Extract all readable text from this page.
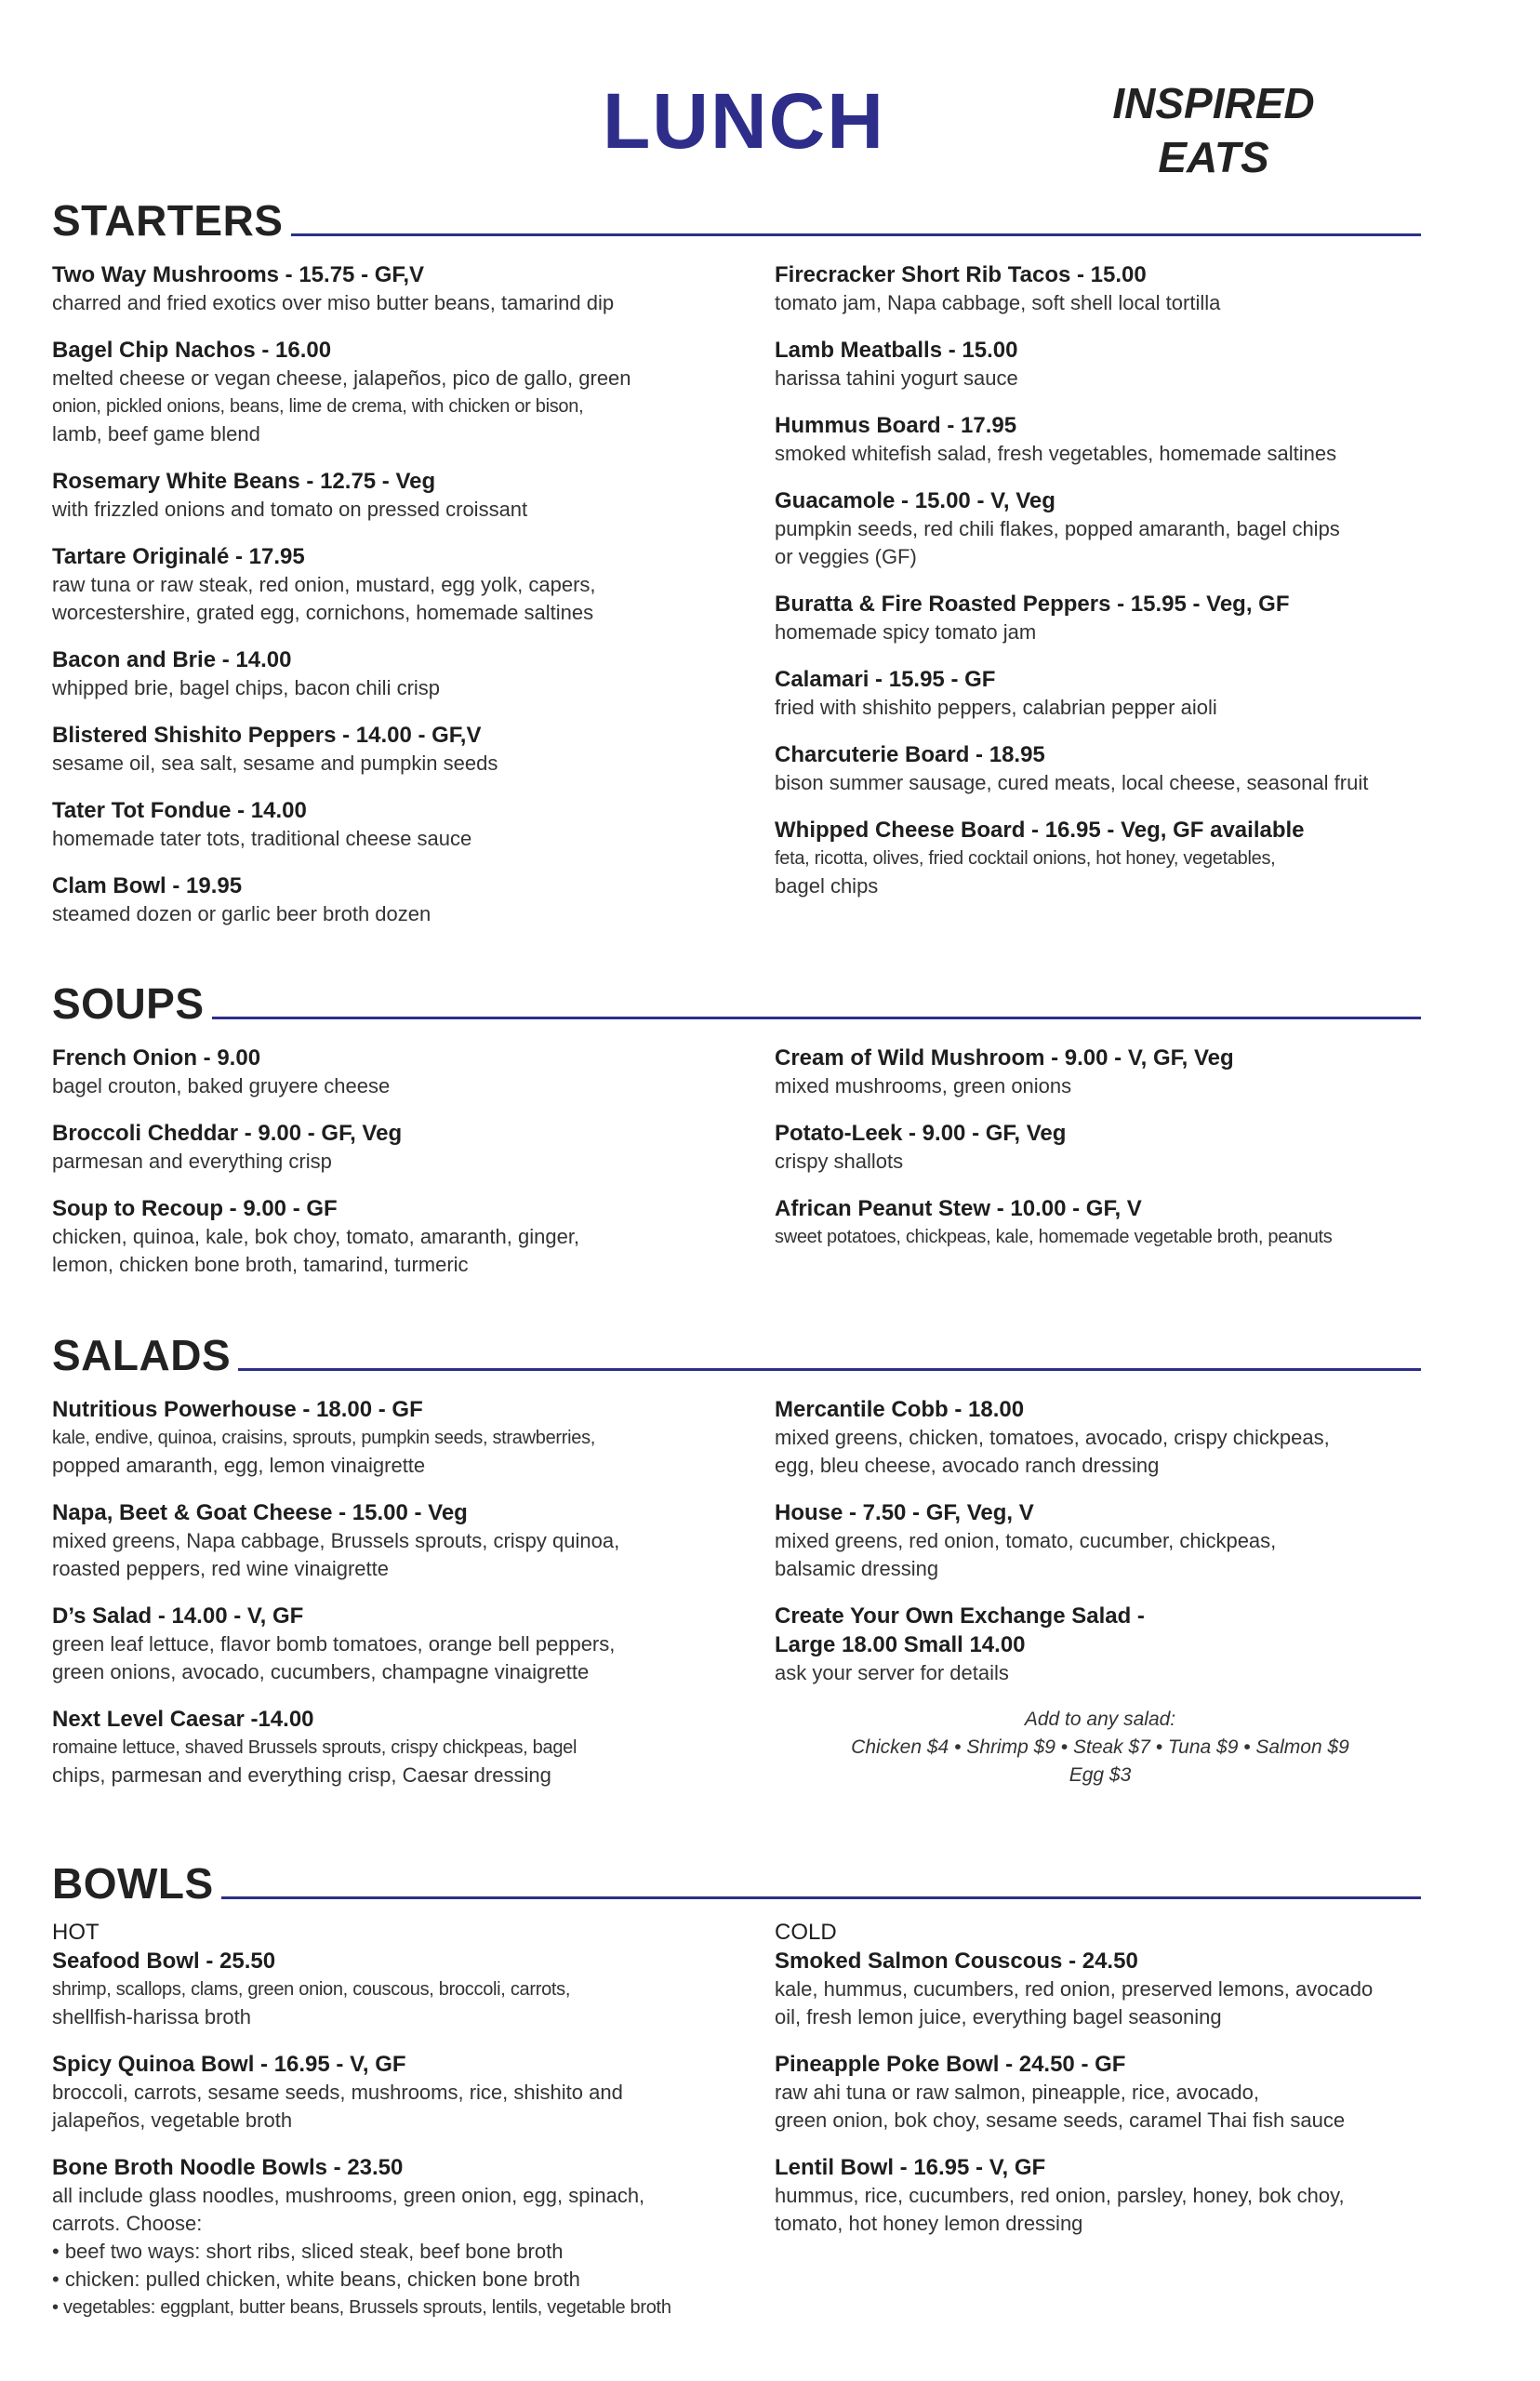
LUNCH	INSPIRED
EATS
STARTERS
Two Way Mushrooms - 15.75 - GF,V
charred and fried exotics over miso butter beans, tamarind dip
Bagel Chip Nachos - 16.00
melted cheese or vegan cheese, jalapeños, pico de gallo, green
onion, pickled onions, beans, lime de crema, with chicken or bison,
lamb, beef game blend
Rosemary White Beans - 12.75 - Veg
with frizzled onions and tomato on pressed croissant
Tartare Originalé - 17.95
raw tuna or raw steak, red onion, mustard, egg yolk, capers,
worcestershire, grated egg, cornichons, homemade saltines
Bacon and Brie - 14.00
whipped brie, bagel chips, bacon chili crisp
Blistered Shishito Peppers - 14.00 - GF,V
sesame oil, sea salt, sesame and pumpkin seeds
Tater Tot Fondue - 14.00
homemade tater tots, traditional cheese sauce
Clam Bowl - 19.95
steamed dozen or garlic beer broth dozen
Firecracker Short Rib Tacos - 15.00
tomato jam, Napa cabbage, soft shell local tortilla
Lamb Meatballs - 15.00
harissa tahini yogurt sauce
Hummus Board - 17.95
smoked whitefish salad, fresh vegetables, homemade saltines
Guacamole - 15.00 - V, Veg
pumpkin seeds, red chili flakes, popped amaranth, bagel chips
or veggies (GF)
Buratta & Fire Roasted Peppers - 15.95 - Veg, GF
homemade spicy tomato jam
Calamari - 15.95 - GF
fried with shishito peppers, calabrian pepper aioli
Charcuterie Board - 18.95
bison summer sausage, cured meats, local cheese, seasonal fruit
Whipped Cheese Board - 16.95 - Veg, GF available
feta, ricotta, olives, fried cocktail onions, hot honey, vegetables,
bagel chips
SOUPS
French Onion - 9.00
bagel crouton, baked gruyere cheese
Broccoli Cheddar - 9.00 - GF, Veg
parmesan and everything crisp
Soup to Recoup - 9.00 - GF
chicken, quinoa, kale, bok choy, tomato, amaranth, ginger,
lemon, chicken bone broth, tamarind, turmeric
Cream of Wild Mushroom - 9.00 - V, GF, Veg
mixed mushrooms, green onions
Potato-Leek - 9.00 - GF, Veg
crispy shallots
African Peanut Stew - 10.00 - GF, V
sweet potatoes, chickpeas, kale, homemade vegetable broth, peanuts
SALADS
Nutritious Powerhouse - 18.00 - GF
kale, endive, quinoa, craisins, sprouts, pumpkin seeds, strawberries,
popped amaranth, egg, lemon vinaigrette
Napa, Beet & Goat Cheese - 15.00 - Veg
mixed greens, Napa cabbage, Brussels sprouts, crispy quinoa,
roasted peppers, red wine vinaigrette
D’s Salad - 14.00 - V, GF
green leaf lettuce, flavor bomb tomatoes, orange bell peppers,
green onions, avocado, cucumbers, champagne vinaigrette
Next Level Caesar -14.00
romaine lettuce, shaved Brussels sprouts, crispy chickpeas, bagel
chips, parmesan and everything crisp, Caesar dressing
Mercantile Cobb - 18.00
mixed greens, chicken, tomatoes, avocado, crispy chickpeas,
egg, bleu cheese, avocado ranch dressing
House - 7.50 - GF, Veg, V
mixed greens, red onion, tomato, cucumber, chickpeas,
balsamic dressing
Create Your Own Exchange Salad -
Large 18.00 Small 14.00
ask your server for details
Add to any salad:
Chicken $4 • Shrimp $9 • Steak $7 • Tuna $9 • Salmon $9
Egg $3
BOWLS
HOT
Seafood Bowl - 25.50
shrimp, scallops, clams, green onion, couscous, broccoli, carrots,
shellfish-harissa broth
Spicy Quinoa Bowl - 16.95 - V, GF
broccoli, carrots, sesame seeds, mushrooms, rice, shishito and
jalapeños, vegetable broth
Bone Broth Noodle Bowls - 23.50
all include glass noodles, mushrooms, green onion, egg, spinach,
carrots. Choose:
• beef two ways: short ribs, sliced steak, beef bone broth
• chicken: pulled chicken, white beans, chicken bone broth
• vegetables: eggplant, butter beans, Brussels sprouts, lentils, vegetable broth
COLD
Smoked Salmon Couscous - 24.50
kale, hummus, cucumbers, red onion, preserved lemons, avocado
oil, fresh lemon juice, everything bagel seasoning
Pineapple Poke Bowl - 24.50 - GF
raw ahi tuna or raw salmon, pineapple, rice, avocado,
green onion, bok choy, sesame seeds, caramel Thai fish sauce
Lentil Bowl - 16.95 - V, GF
hummus, rice, cucumbers, red onion, parsley, honey, bok choy,
tomato, hot honey lemon dressing
